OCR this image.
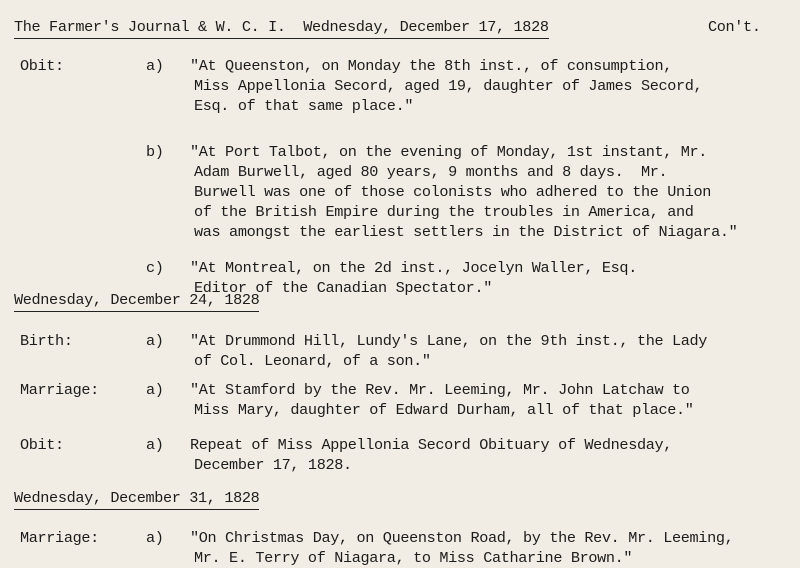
The Farmer's Journal & W. C. I.  Wednesday, December 17, 1828	Con't.
Obit:	a) "At Queenston, on Monday the 8th inst., of consumption,
Miss Appellonia Secord, aged 19, daughter of James Secord,
Esq. of that same place."
b) "At Port Talbot, on the evening of Monday, 1st instant, Mr.
Adam Burwell, aged 80 years, 9 months and 8 days.  Mr.
Burwell was one of those colonists who adhered to the Union
of the British Empire during the troubles in America, and
was amongst the earliest settlers in the District of Niagara."
c) "At Montreal, on the 2d inst., Jocelyn Waller, Esq.
Editor of the Canadian Spectator."
Wednesday, December 24, 1828
Birth:	a) "At Drummond Hill, Lundy's Lane, on the 9th inst., the Lady
of Col. Leonard, of a son."
Marriage:	a) "At Stamford by the Rev. Mr. Leeming, Mr. John Latchaw to
Miss Mary, daughter of Edward Durham, all of that place."
Obit:	a) Repeat of Miss Appellonia Secord Obituary of Wednesday,
December 17, 1828.
Wednesday, December 31, 1828
Marriage:	a) "On Christmas Day, on Queenston Road, by the Rev. Mr. Leeming,
Mr. E. Terry of Niagara, to Miss Catharine Brown."
